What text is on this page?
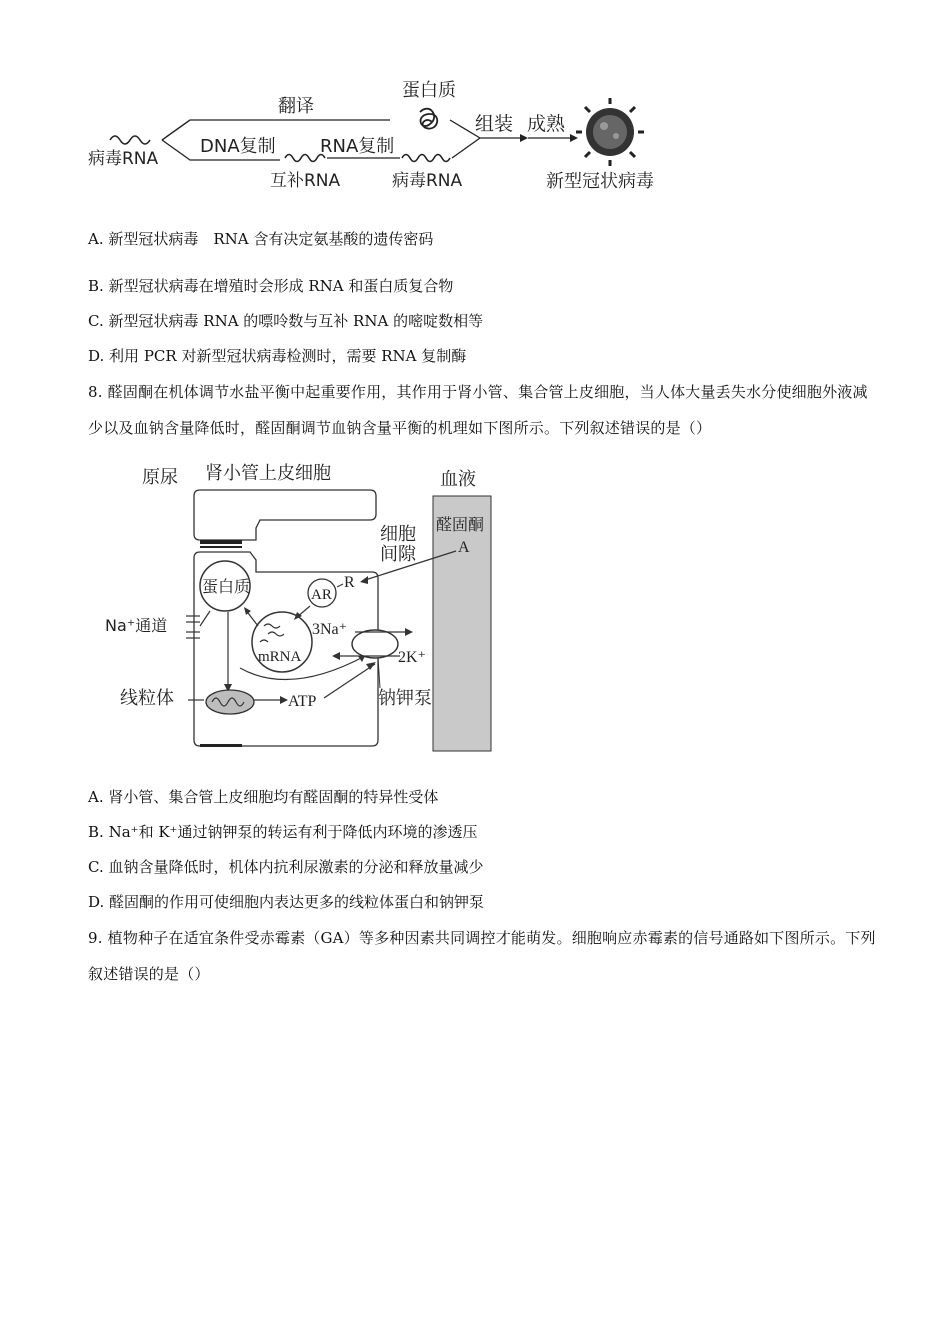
病毒RNA
翻译
DNA复制
互补RNA
RNA复制
病毒RNA
蛋白质
组装 成熟
新型冠状病毒
A. 新型冠状病毒　RNA 含有决定氨基酸的遗传密码
B. 新型冠状病毒在增殖时会形成 RNA 和蛋白质复合物
C. 新型冠状病毒 RNA 的嘌呤数与互补 RNA 的嘧啶数相等
D. 利用 PCR 对新型冠状病毒检测时，需要 RNA 复制酶
8. 醛固酮在机体调节水盐平衡中起重要作用，其作用于肾小管、集合管上皮细胞，当人体大量丢失水分使细胞外液减少以及血钠含量降低时，醛固酮调节血钠含量平衡的机理如下图所示。下列叙述错误的是（）
原尿 肾小管上皮细胞	血液
醛固酮
A
细胞
间隙
R
AR
蛋白质
mRNA
Na⁺通道
线粒体	ATP
3Na⁺
2K⁺
钠钾泵
A. 肾小管、集合管上皮细胞均有醛固酮的特异性受体
B. Na⁺和 K⁺通过钠钾泵的转运有利于降低内环境的渗透压
C. 血钠含量降低时，机体内抗利尿激素的分泌和释放量减少
D. 醛固酮的作用可使细胞内表达更多的线粒体蛋白和钠钾泵
9. 植物种子在适宜条件受赤霉素（GA）等多种因素共同调控才能萌发。细胞响应赤霉素的信号通路如下图所示。下列叙述错误的是（）
